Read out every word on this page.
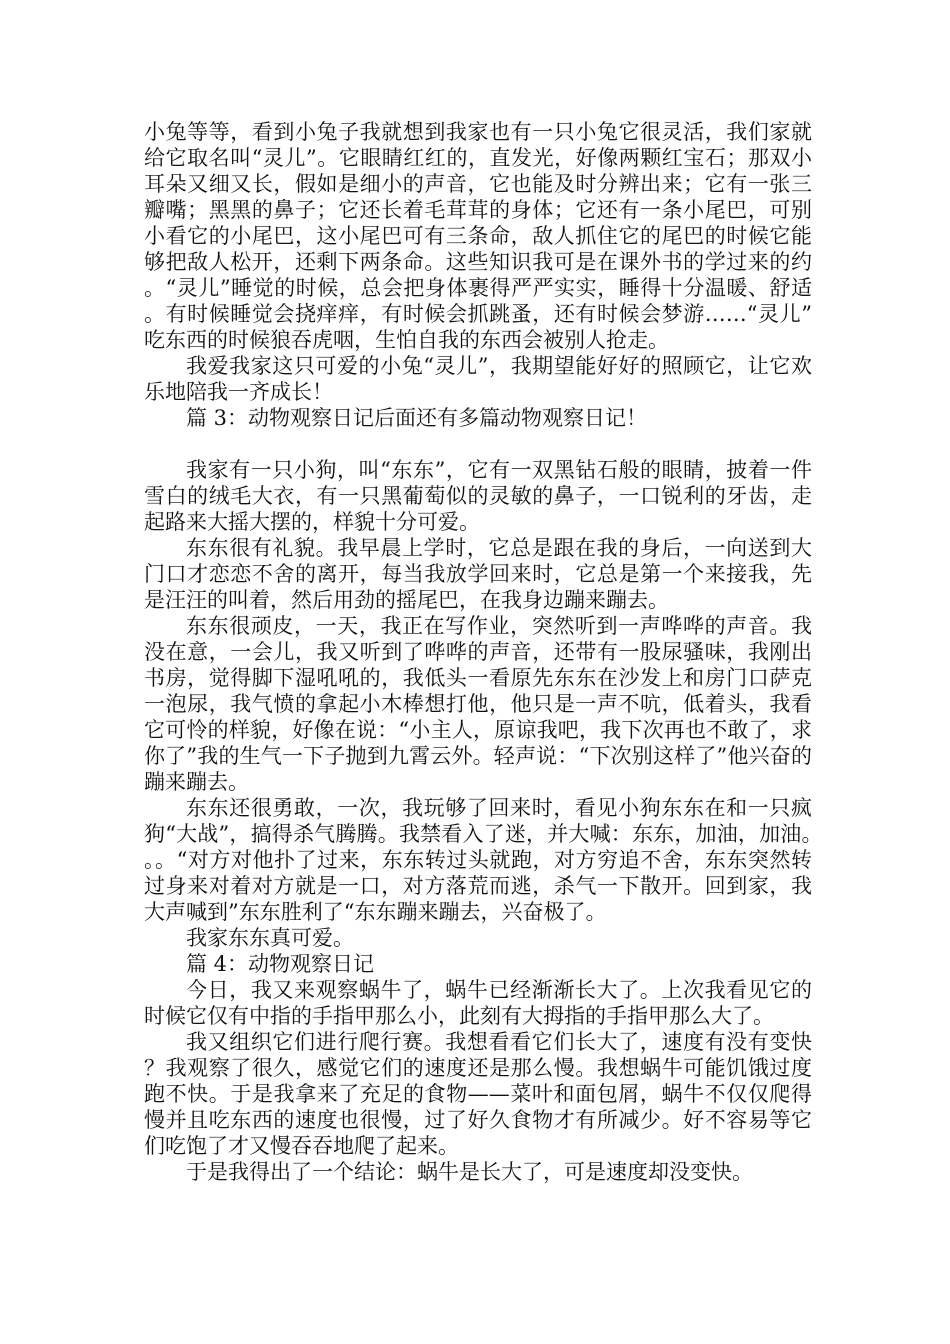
小兔等等，看到小兔子我就想到我家也有一只小兔它很灵活，我们家就给它取名叫“灵儿”。它眼睛红红的，直发光，好像两颗红宝石；那双小耳朵又细又长，假如是细小的声音，它也能及时分辨出来；它有一张三瓣嘴；黑黑的鼻子；它还长着毛茸茸的身体；它还有一条小尾巴，可别小看它的小尾巴，这小尾巴可有三条命，敌人抓住它的尾巴的时候它能够把敌人松开，还剩下两条命。这些知识我可是在课外书的学过来的约。“灵儿”睡觉的时候，总会把身体裹得严严实实，睡得十分温暖、舒适。有时候睡觉会挠痒痒，有时候会抓跳蚤，还有时候会梦游……“灵儿”吃东西的时候狼吞虎咽，生怕自我的东西会被别人抢走。

我爱我家这只可爱的小兔“灵儿”，我期望能好好的照顾它，让它欢乐地陪我一齐成长！

篇 3：动物观察日记后面还有多篇动物观察日记！

我家有一只小狗，叫“东东”，它有一双黑钻石般的眼睛，披着一件雪白的绒毛大衣，有一只黑葡萄似的灵敏的鼻子，一口锐利的牙齿，走起路来大摇大摆的，样貌十分可爱。

东东很有礼貌。我早晨上学时，它总是跟在我的身后，一向送到大门口才恋恋不舍的离开，每当我放学回来时，它总是第一个来接我，先是汪汪的叫着，然后用劲的摇尾巴，在我身边蹦来蹦去。

东东很顽皮，一天，我正在写作业，突然听到一声哗哗的声音。我没在意，一会儿，我又听到了哗哗的声音，还带有一股尿骚味，我刚出书房，觉得脚下湿吼吼的，我低头一看原先东东在沙发上和房门口萨克一泡尿，我气愤的拿起小木棒想打他，他只是一声不吭，低着头，我看它可怜的样貌，好像在说：“小主人，原谅我吧，我下次再也不敢了，求你了”我的生气一下子抛到九霄云外。轻声说：“下次别这样了”他兴奋的蹦来蹦去。

东东还很勇敢，一次，我玩够了回来时，看见小狗东东在和一只疯狗“大战”，搞得杀气腾腾。我禁看入了迷，并大喊：东东，加油，加油。。。“对方对他扑了过来，东东转过头就跑，对方穷追不舍，东东突然转过身来对着对方就是一口，对方落荒而逃，杀气一下散开。回到家，我大声喊到”东东胜利了“东东蹦来蹦去，兴奋极了。

我家东东真可爱。

篇 4：动物观察日记

今日，我又来观察蜗牛了，蜗牛已经渐渐长大了。上次我看见它的时候它仅有中指的手指甲那么小，此刻有大拇指的手指甲那么大了。

我又组织它们进行爬行赛。我想看看它们长大了，速度有没有变快？我观察了很久，感觉它们的速度还是那么慢。我想蜗牛可能饥饿过度跑不快。于是我拿来了充足的食物——菜叶和面包屑，蜗牛不仅仅爬得慢并且吃东西的速度也很慢，过了好久食物才有所减少。好不容易等它们吃饱了才又慢吞吞地爬了起来。

于是我得出了一个结论：蜗牛是长大了，可是速度却没变快。
